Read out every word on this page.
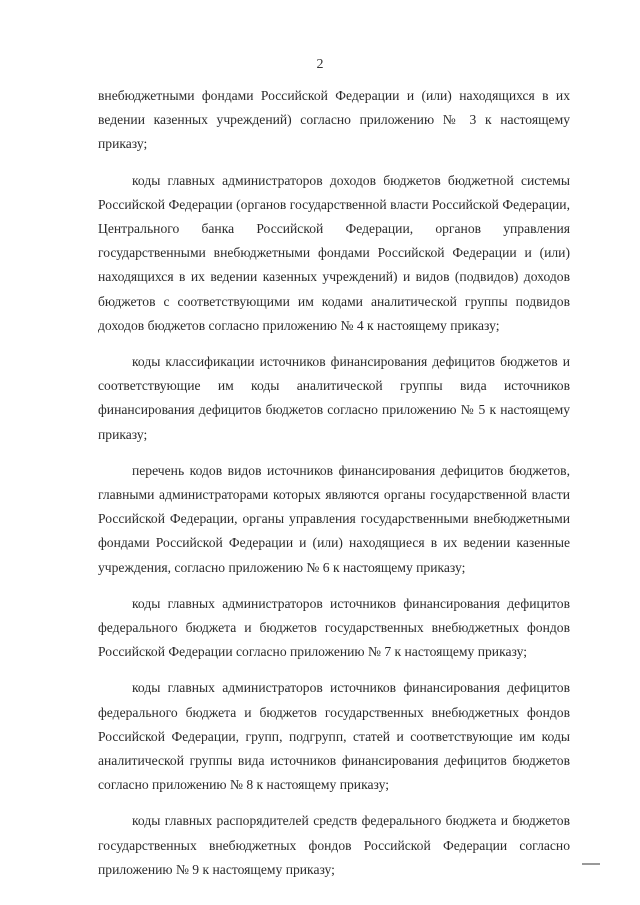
2

внебюджетными фондами Российской Федерации и (или) находящихся в их ведении казенных учреждений) согласно приложению № 3 к настоящему приказу;

коды главных администраторов доходов бюджетов бюджетной системы Российской Федерации (органов государственной власти Российской Федерации, Центрального банка Российской Федерации, органов управления государственными внебюджетными фондами Российской Федерации и (или) находящихся в их ведении казенных учреждений) и видов (подвидов) доходов бюджетов с соответствующими им кодами аналитической группы подвидов доходов бюджетов согласно приложению № 4 к настоящему приказу;

коды классификации источников финансирования дефицитов бюджетов и соответствующие им коды аналитической группы вида источников финансирования дефицитов бюджетов согласно приложению № 5 к настоящему приказу;

перечень кодов видов источников финансирования дефицитов бюджетов, главными администраторами которых являются органы государственной власти Российской Федерации, органы управления государственными внебюджетными фондами Российской Федерации и (или) находящиеся в их ведении казенные учреждения, согласно приложению № 6 к настоящему приказу;

коды главных администраторов источников финансирования дефицитов федерального бюджета и бюджетов государственных внебюджетных фондов Российской Федерации согласно приложению № 7 к настоящему приказу;

коды главных администраторов источников финансирования дефицитов федерального бюджета и бюджетов государственных внебюджетных фондов Российской Федерации, групп, подгрупп, статей и соответствующие им коды аналитической группы вида источников финансирования дефицитов бюджетов согласно приложению № 8 к настоящему приказу;

коды главных распорядителей средств федерального бюджета и бюджетов государственных внебюджетных фондов Российской Федерации согласно приложению № 9 к настоящему приказу;
